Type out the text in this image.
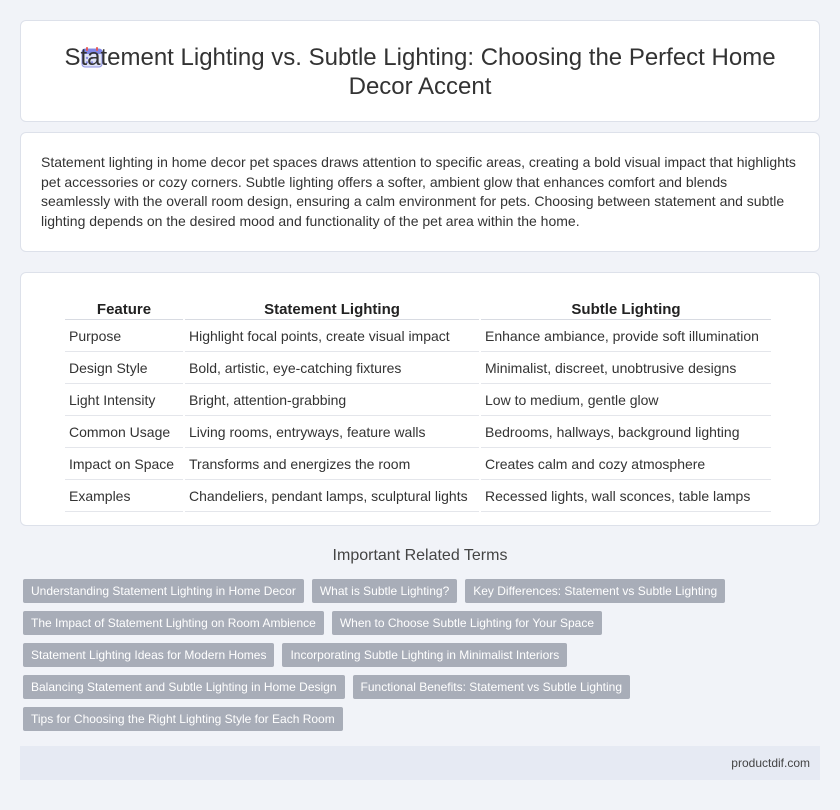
Statement Lighting vs. Subtle Lighting: Choosing the Perfect Home Decor Accent

Statement lighting in home decor pet spaces draws attention to specific areas, creating a bold visual impact that highlights pet accessories or cozy corners. Subtle lighting offers a softer, ambient glow that enhances comfort and blends seamlessly with the overall room design, ensuring a calm environment for pets. Choosing between statement and subtle lighting depends on the desired mood and functionality of the pet area within the home.

Feature	Statement Lighting	Subtle Lighting
Purpose	Highlight focal points, create visual impact	Enhance ambiance, provide soft illumination
Design Style	Bold, artistic, eye-catching fixtures	Minimalist, discreet, unobtrusive designs
Light Intensity	Bright, attention-grabbing	Low to medium, gentle glow
Common Usage	Living rooms, entryways, feature walls	Bedrooms, hallways, background lighting
Impact on Space	Transforms and energizes the room	Creates calm and cozy atmosphere
Examples	Chandeliers, pendant lamps, sculptural lights	Recessed lights, wall sconces, table lamps
Important Related Terms
Understanding Statement Lighting in Home Decor	What is Subtle Lighting?	Key Differences: Statement vs Subtle Lighting
The Impact of Statement Lighting on Room Ambience	When to Choose Subtle Lighting for Your Space
Statement Lighting Ideas for Modern Homes	Incorporating Subtle Lighting in Minimalist Interiors
Balancing Statement and Subtle Lighting in Home Design	Functional Benefits: Statement vs Subtle Lighting
Tips for Choosing the Right Lighting Style for Each Room
productdif.com
